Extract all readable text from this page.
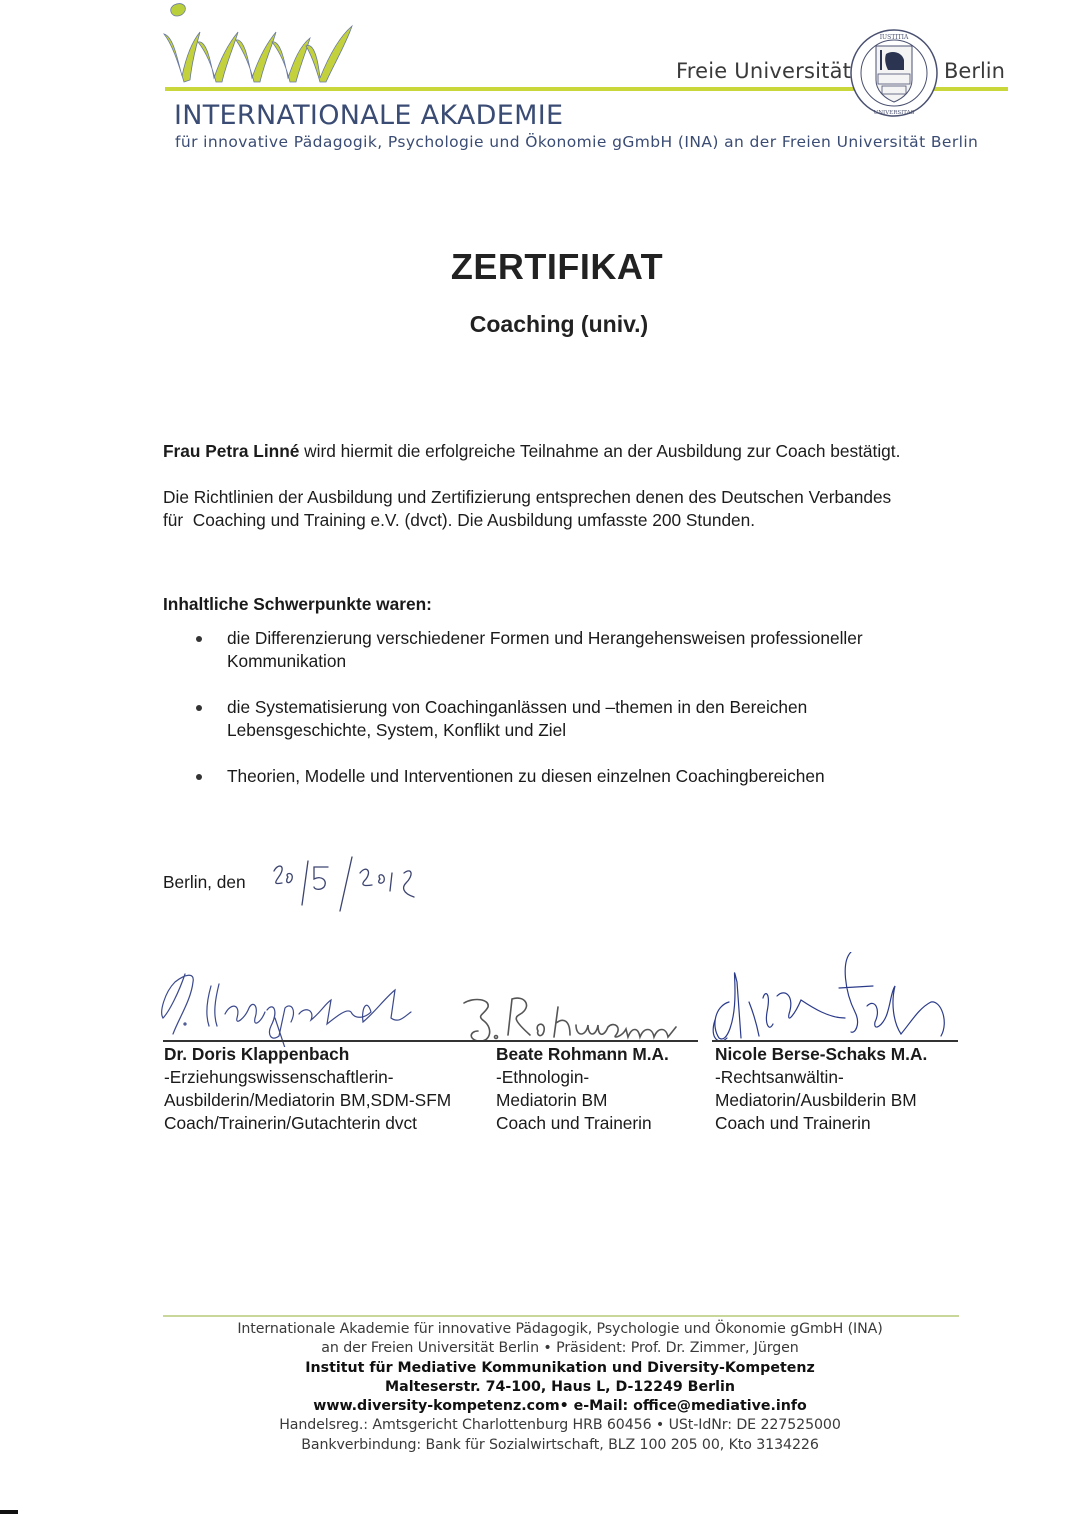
Freie Universität
IUSTITIA
UNIVERSITAS
Berlin
INTERNATIONALE AKADEMIE
für innovative Pädagogik, Psychologie und Ökonomie gGmbH (INA) an der Freien Universität Berlin
ZERTIFIKAT
Coaching (univ.)
Frau Petra Linné wird hiermit die erfolgreiche Teilnahme an der Ausbildung zur Coach bestätigt.
Die Richtlinien der Ausbildung und Zertifizierung entsprechen denen des Deutschen Verbandes
für  Coaching und Training e.V. (dvct). Die Ausbildung umfasste 200 Stunden.
Inhaltliche Schwerpunkte waren:
die Differenzierung verschiedener Formen und Herangehensweisen professioneller
Kommunikation
die Systematisierung von Coachinganlässen und –themen in den Bereichen
Lebensgeschichte, System, Konflikt und Ziel
Theorien, Modelle und Interventionen zu diesen einzelnen Coachingbereichen
Berlin, den
Dr. Doris Klappenbach
-Erziehungswissenschaftlerin-
Ausbilderin/Mediatorin BM,SDM-SFM
Coach/Trainerin/Gutachterin dvct
Beate Rohmann M.A.
-Ethnologin-
Mediatorin BM
Coach und Trainerin
Nicole Berse-Schaks M.A.
-Rechtsanwältin-
Mediatorin/Ausbilderin BM
Coach und Trainerin
Internationale Akademie für innovative Pädagogik, Psychologie und Ökonomie gGmbH (INA)
an der Freien Universität Berlin • Präsident: Prof. Dr. Zimmer, Jürgen
Institut für Mediative Kommunikation und Diversity-Kompetenz
Malteserstr. 74-100, Haus L, D-12249 Berlin
www.diversity-kompetenz.com• e-Mail: office@mediative.info
Handelsreg.: Amtsgericht Charlottenburg HRB 60456 • USt-IdNr: DE 227525000
Bankverbindung: Bank für Sozialwirtschaft, BLZ 100 205 00, Kto 3134226
